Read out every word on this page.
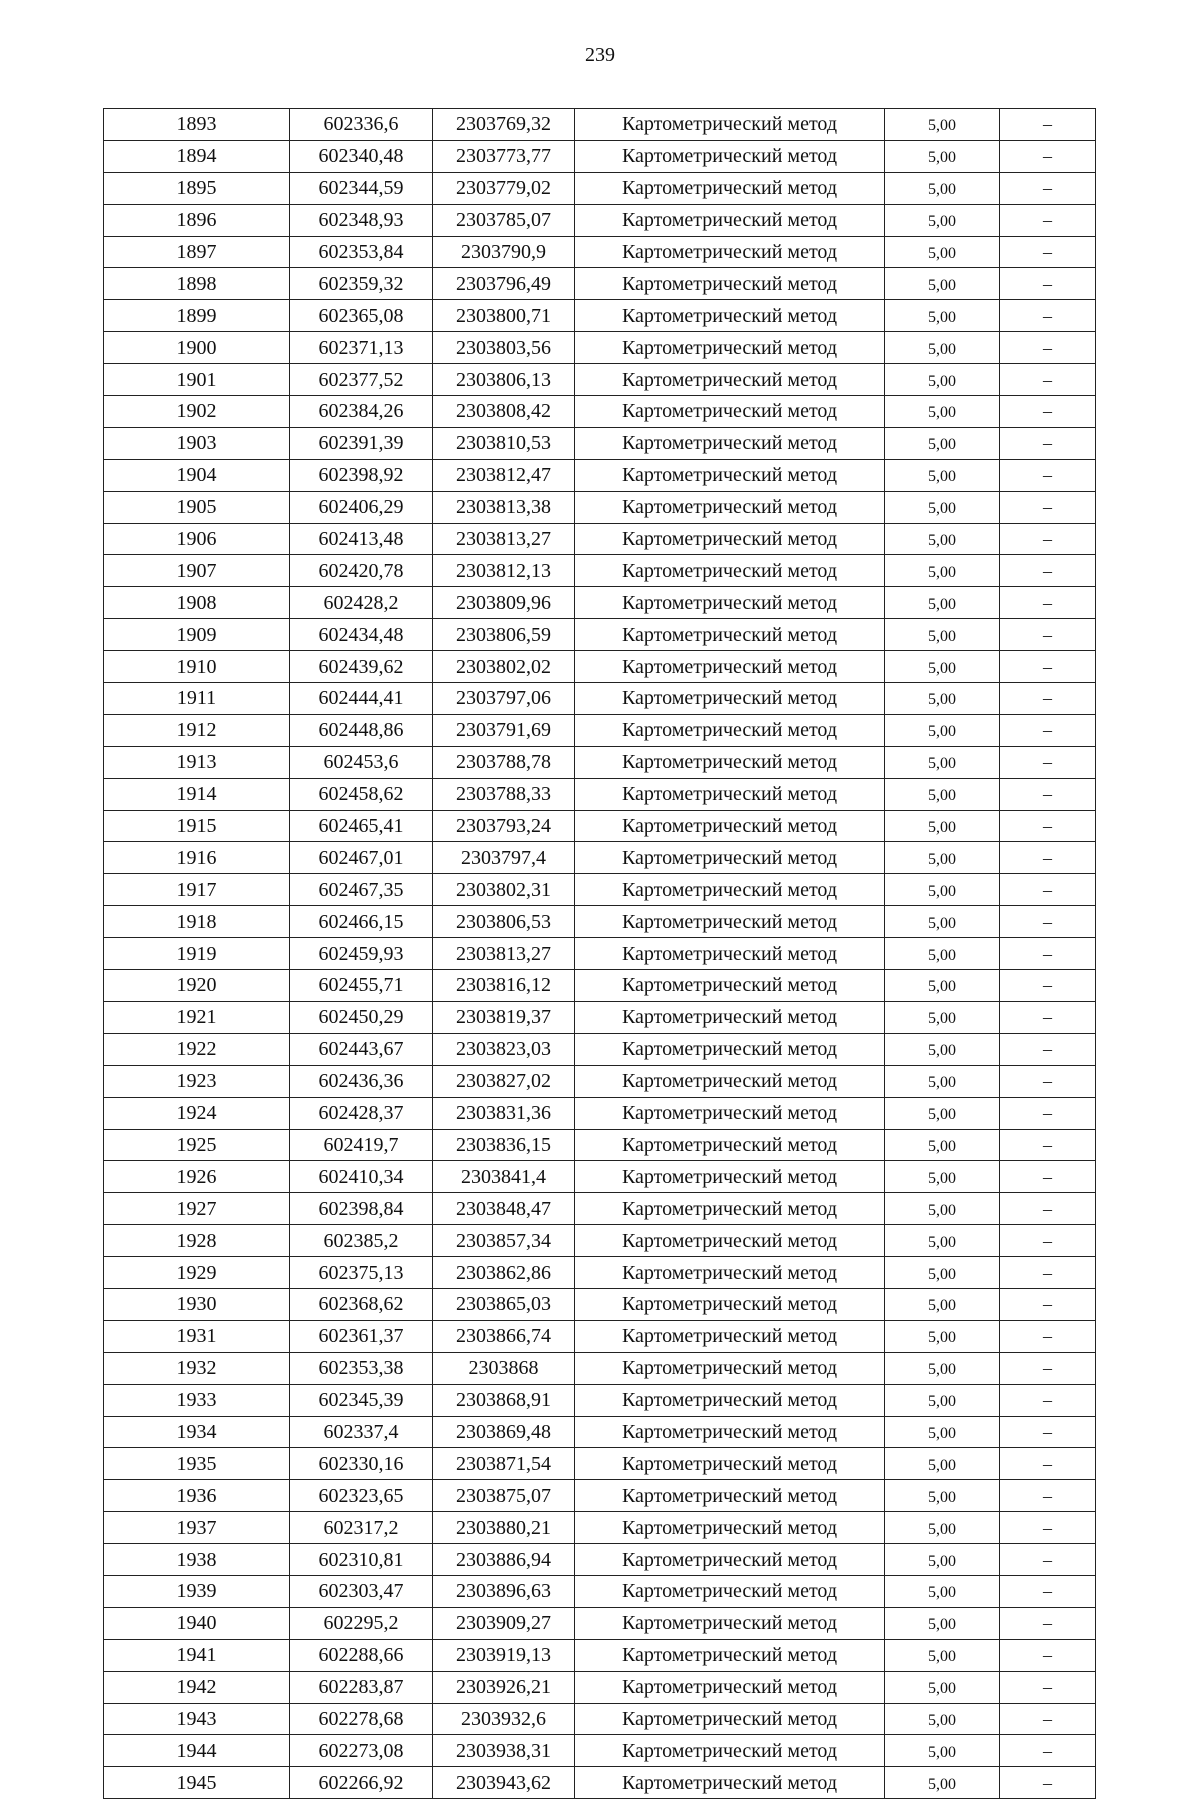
239
1893	602336,6	2303769,32	Картометрический метод	5,00	–
1894	602340,48	2303773,77	Картометрический метод	5,00	–
1895	602344,59	2303779,02	Картометрический метод	5,00	–
1896	602348,93	2303785,07	Картометрический метод	5,00	–
1897	602353,84	2303790,9	Картометрический метод	5,00	–
1898	602359,32	2303796,49	Картометрический метод	5,00	–
1899	602365,08	2303800,71	Картометрический метод	5,00	–
1900	602371,13	2303803,56	Картометрический метод	5,00	–
1901	602377,52	2303806,13	Картометрический метод	5,00	–
1902	602384,26	2303808,42	Картометрический метод	5,00	–
1903	602391,39	2303810,53	Картометрический метод	5,00	–
1904	602398,92	2303812,47	Картометрический метод	5,00	–
1905	602406,29	2303813,38	Картометрический метод	5,00	–
1906	602413,48	2303813,27	Картометрический метод	5,00	–
1907	602420,78	2303812,13	Картометрический метод	5,00	–
1908	602428,2	2303809,96	Картометрический метод	5,00	–
1909	602434,48	2303806,59	Картометрический метод	5,00	–
1910	602439,62	2303802,02	Картометрический метод	5,00	–
1911	602444,41	2303797,06	Картометрический метод	5,00	–
1912	602448,86	2303791,69	Картометрический метод	5,00	–
1913	602453,6	2303788,78	Картометрический метод	5,00	–
1914	602458,62	2303788,33	Картометрический метод	5,00	–
1915	602465,41	2303793,24	Картометрический метод	5,00	–
1916	602467,01	2303797,4	Картометрический метод	5,00	–
1917	602467,35	2303802,31	Картометрический метод	5,00	–
1918	602466,15	2303806,53	Картометрический метод	5,00	–
1919	602459,93	2303813,27	Картометрический метод	5,00	–
1920	602455,71	2303816,12	Картометрический метод	5,00	–
1921	602450,29	2303819,37	Картометрический метод	5,00	–
1922	602443,67	2303823,03	Картометрический метод	5,00	–
1923	602436,36	2303827,02	Картометрический метод	5,00	–
1924	602428,37	2303831,36	Картометрический метод	5,00	–
1925	602419,7	2303836,15	Картометрический метод	5,00	–
1926	602410,34	2303841,4	Картометрический метод	5,00	–
1927	602398,84	2303848,47	Картометрический метод	5,00	–
1928	602385,2	2303857,34	Картометрический метод	5,00	–
1929	602375,13	2303862,86	Картометрический метод	5,00	–
1930	602368,62	2303865,03	Картометрический метод	5,00	–
1931	602361,37	2303866,74	Картометрический метод	5,00	–
1932	602353,38	2303868	Картометрический метод	5,00	–
1933	602345,39	2303868,91	Картометрический метод	5,00	–
1934	602337,4	2303869,48	Картометрический метод	5,00	–
1935	602330,16	2303871,54	Картометрический метод	5,00	–
1936	602323,65	2303875,07	Картометрический метод	5,00	–
1937	602317,2	2303880,21	Картометрический метод	5,00	–
1938	602310,81	2303886,94	Картометрический метод	5,00	–
1939	602303,47	2303896,63	Картометрический метод	5,00	–
1940	602295,2	2303909,27	Картометрический метод	5,00	–
1941	602288,66	2303919,13	Картометрический метод	5,00	–
1942	602283,87	2303926,21	Картометрический метод	5,00	–
1943	602278,68	2303932,6	Картометрический метод	5,00	–
1944	602273,08	2303938,31	Картометрический метод	5,00	–
1945	602266,92	2303943,62	Картометрический метод	5,00	–
